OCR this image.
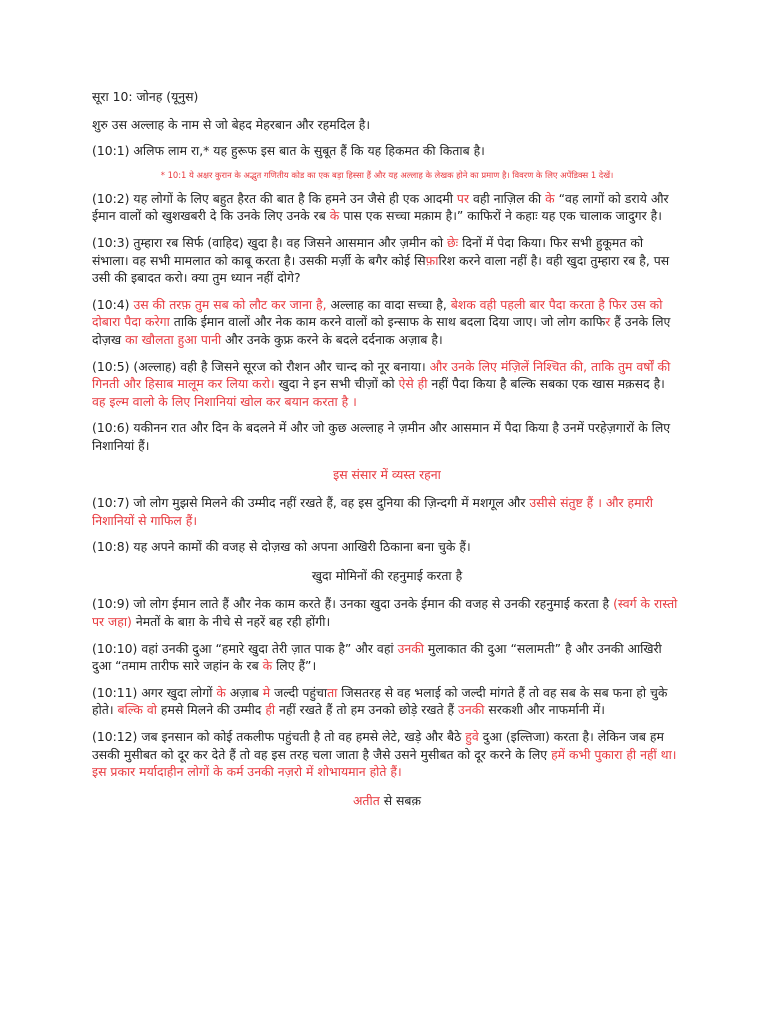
सूरा 10: जोनह (यूनुस)

शुरु उस अल्लाह के नाम से जो बेहद मेहरबान और रहमदिल है।

(10:1) अलिफ लाम रा,* यह हुरूफ इस बात के सुबूत हैं कि यह हिकमत की किताब है।

* 10:1 ये अक्षर कुरान के अद्भुत गणितीय कोड का एक बड़ा हिस्सा हैं और यह अल्लाह के लेखक होने का प्रमाण है। विवरण के लिए अपेंडिक्स 1 देखें।

(10:2) यह लोगों के लिए बहुत हैरत की बात है कि हमने उन जैसे ही एक आदमी पर वही नाज़िल की के “वह लागों को डराये और ईमान वालों को खुशखबरी दे कि उनके लिए उनके रब के पास एक सच्चा मक़ाम है।” काफिरों ने कहाः यह एक चालाक जादुगर है।

(10:3) तुम्हारा रब सिर्फ (वाहिद) खुदा है। वह जिसने आसमान और ज़मीन को छेः दिनों में पेदा किया। फिर सभी हुकूमत को संभाला। वह सभी मामलात को काबू करता है। उसकी मर्ज़ी के बगैर कोई सिफ़ारिश करने वाला नहीं है। वही खुदा तुम्हारा रब है, पस उसी की इबादत करो। क्या तुम ध्यान नहीं दोगे?

(10:4) उस की तरफ़ तुम सब को लौट कर जाना है, अल्लाह का वादा सच्चा है, बेशक वही पहली बार पैदा करता है फिर उस को दोबारा पैदा करेगा ताकि ईमान वालों और नेक काम करने वालों को इन्साफ के साथ बदला दिया जाए। जो लोग काफिर हैं उनके लिए दोज़ख का खौलता हुआ पानी और उनके कुफ्र करने के बदले दर्दनाक अज़ाब है।

(10:5) (अल्लाह) वही है जिसने सूरज को रौशन और चान्द को नूर बनाया। और उनके लिए मंज़िलें निश्चित की, ताकि तुम वर्षों की गिनती और हिसाब मालूम कर लिया करो। खुदा ने इन सभी चीज़ों को ऐसे ही नहीं पैदा किया है बल्कि सबका एक खास मक़सद है। वह इल्म वालो के लिए निशानियां खोल कर बयान करता है ।

(10:6) यकीनन रात और दिन के बदलने में और जो कुछ अल्लाह ने ज़मीन और आसमान में पैदा किया है उनमें परहेज़गारों के लिए निशानियां हैं।

इस संसार में व्यस्त रहना

(10:7) जो लोग मुझसे मिलने की उम्मीद नहीं रखते हैं, वह इस दुनिया की ज़िन्दगी में मशगूल और उसीसे संतुष्ट हैं । और हमारी निशानियों से गाफिल हैं।

(10:8) यह अपने कामों की वजह से दोज़ख को अपना आखिरी ठिकाना बना चुके हैं।

खुदा मोमिनों की रहनुमाई करता है

(10:9) जो लोग ईमान लाते हैं और नेक काम करते हैं। उनका खुदा उनके ईमान की वजह से उनकी रहनुमाई करता है (स्वर्ग के रास्तो पर जहा) नेमतों के बाग़ के नीचे से नहरें बह रही होंगी।

(10:10) वहां उनकी दुआ “हमारे खुदा तेरी ज़ात पाक है” और वहां उनकी मुलाकात की दुआ “सलामती” है और उनकी आखिरी दुआ “तमाम तारीफ सारे जहांन के रब के लिए हैं”।

(10:11) अगर खुदा लोगों के अज़ाब मे जल्दी पहुंचाता जिसतरह से वह भलाई को जल्दी मांगते हैं तो वह सब के सब फना हो चुके होते। बल्कि वो हमसे मिलने की उम्मीद ही नहीं रखते हैं तो हम उनको छोड़े रखते हैं उनकी सरकशी और नाफर्मानी में।

(10:12) जब इनसान को कोई तकलीफ पहुंचती है तो वह हमसे लेटे, खड़े और बैठे हुवे दुआ (इल्तिजा) करता है। लेकिन जब हम उसकी मुसीबत को दूर कर देते हैं तो वह इस तरह चला जाता है जैसे उसने मुसीबत को दूर करने के लिए हमें कभी पुकारा ही नहीं था। इस प्रकार मर्यादाहीन लोगों के कर्म उनकी नज़रो में शोभायमान होते हैं।

अतीत से सबक़
